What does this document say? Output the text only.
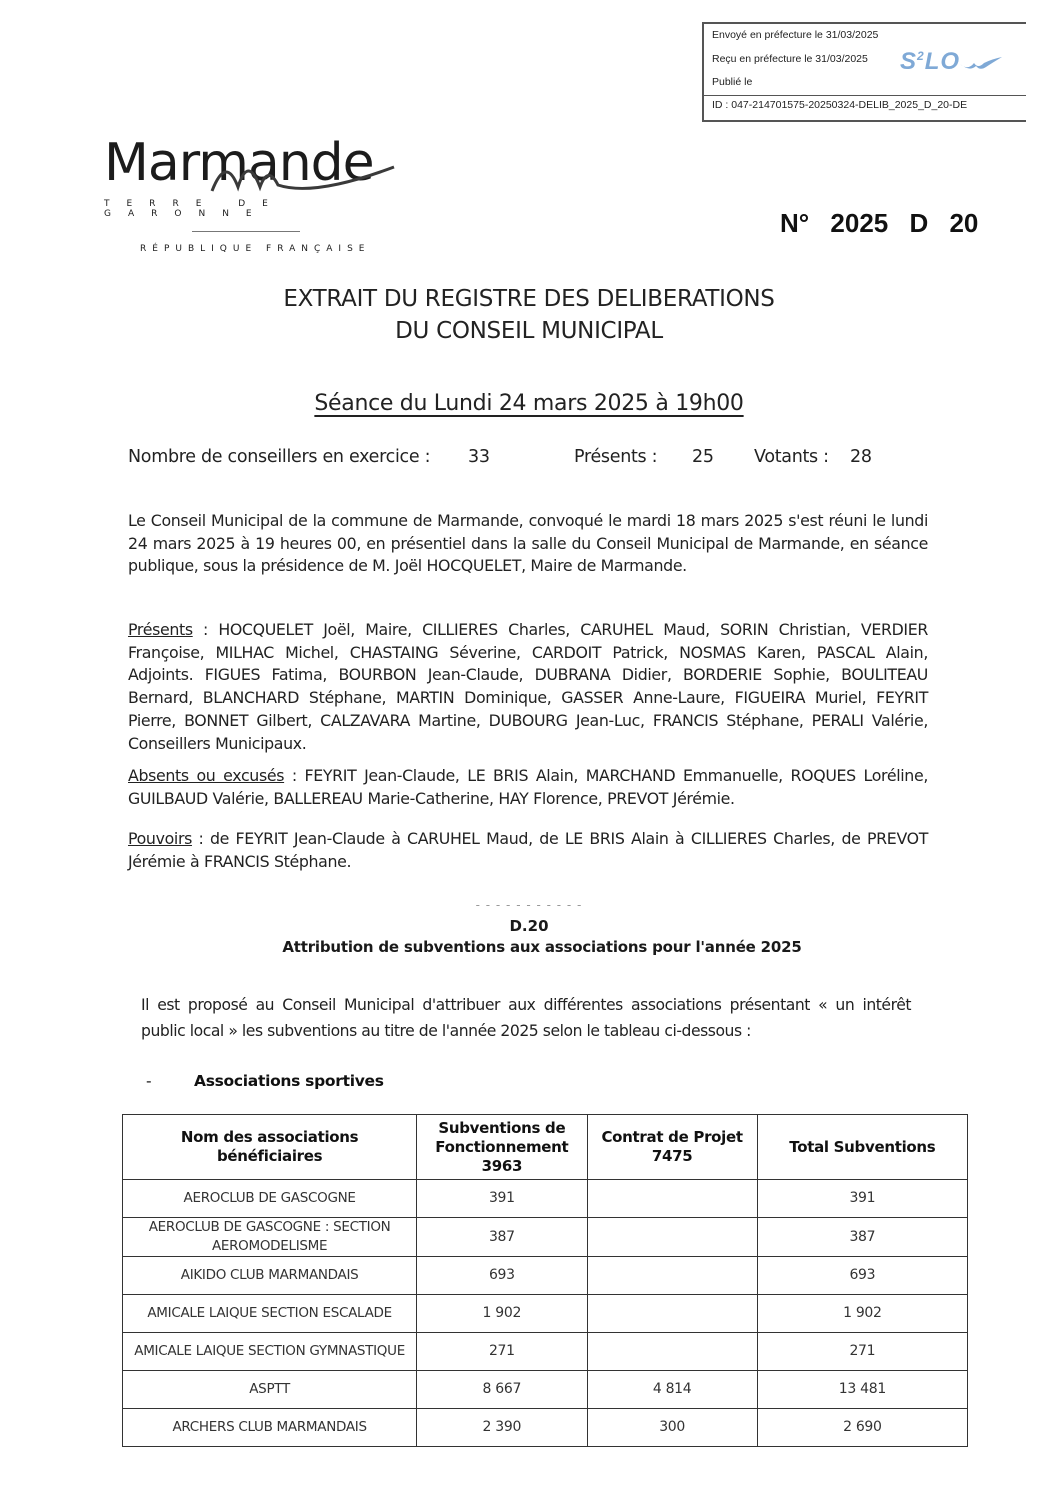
Envoyé en préfecture le 31/03/2025
Reçu en préfecture le 31/03/2025
Publié le
ID : 047-214701575-20250324-DELIB_2025_D_20-DE
$S^2LO$
Marmande
TERRE DE GARONNE
RÉPUBLIQUE FRANÇAISE
N° 2025 D 20
EXTRAIT DU REGISTRE DES DELIBERATIONS
DU CONSEIL MUNICIPAL
Séance du Lundi 24 mars 2025 à 19h00
Nombre de conseillers en exercice : 33	Présents : 25 Votants : 28
Le Conseil Municipal de la commune de Marmande, convoqué le mardi 18 mars 2025 s'est réuni le lundi 24 mars 2025 à 19 heures 00, en présentiel dans la salle du Conseil Municipal de Marmande, en séance publique, sous la présidence de M. Joël HOCQUELET, Maire de Marmande.
Présents : HOCQUELET Joël, Maire, CILLIERES Charles, CARUHEL Maud, SORIN Christian, VERDIER Françoise, MILHAC Michel, CHASTAING Séverine, CARDOIT Patrick, NOSMAS Karen, PASCAL Alain, Adjoints. FIGUES Fatima, BOURBON Jean-Claude, DUBRANA Didier, BORDERIE Sophie, BOULITEAU Bernard, BLANCHARD Stéphane, MARTIN Dominique, GASSER Anne-Laure, FIGUEIRA Muriel, FEYRIT Pierre, BONNET Gilbert, CALZAVARA Martine, DUBOURG Jean-Luc, FRANCIS Stéphane, PERALI Valérie, Conseillers Municipaux.
Absents ou excusés : FEYRIT Jean-Claude, LE BRIS Alain, MARCHAND Emmanuelle, ROQUES Loréline, GUILBAUD Valérie, BALLEREAU Marie-Catherine, HAY Florence, PREVOT Jérémie.
Pouvoirs : de FEYRIT Jean-Claude à CARUHEL Maud, de LE BRIS Alain à CILLIERES Charles, de PREVOT Jérémie à FRANCIS Stéphane.
- - - - - - - - - - -
D.20
Attribution de subventions aux associations pour l'année 2025
Il est proposé au Conseil Municipal d'attribuer aux différentes associations présentant « un intérêt public local » les subventions au titre de l'année 2025 selon le tableau ci-dessous :
-	Associations sportives
Nom des associations bénéficiaires	Subventions de Fonctionnement 3963	Contrat de Projet 7475	Total Subventions
AEROCLUB DE GASCOGNE	391		391
AEROCLUB DE GASCOGNE : SECTION AEROMODELISME	387		387
AIKIDO CLUB MARMANDAIS	693		693
AMICALE LAIQUE SECTION ESCALADE	1 902		1 902
AMICALE LAIQUE SECTION GYMNASTIQUE	271		271
ASPTT	8 667	4 814	13 481
ARCHERS CLUB MARMANDAIS	2 390	300	2 690
